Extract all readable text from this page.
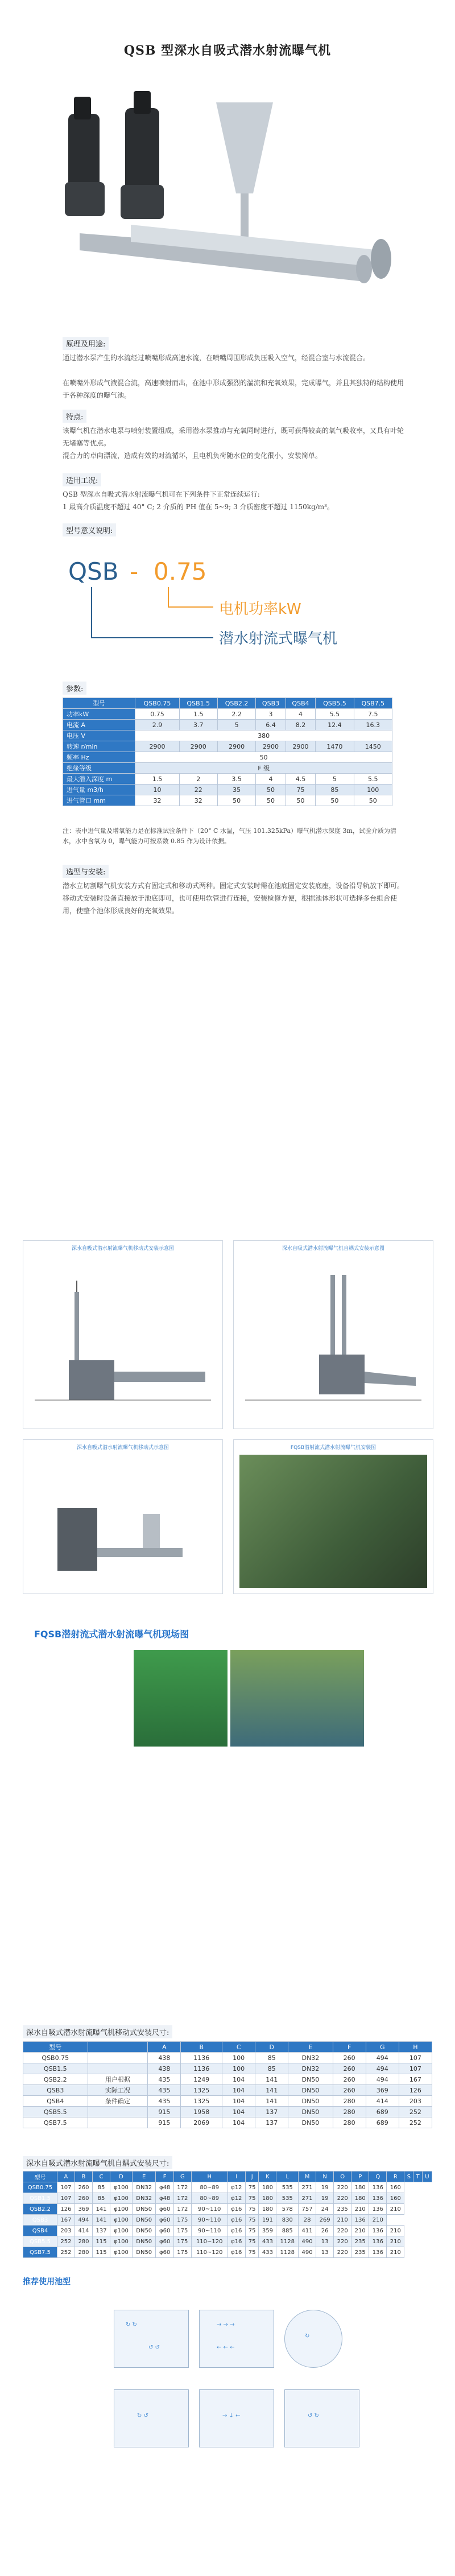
QSB 型深水自吸式潜水射流曝气机
原理及用途:
通过潜水泵产生的水流经过喷嘴形成高速水流，在喷嘴周围形成负压吸入空气，经混合室与水流混合。
在喷嘴外形成气液混合流，高速喷射而出，在池中形成强烈的湍流和充氧效果，完成曝气，并且其独特的结构使用于各种深度的曝气池。
特点:
该曝气机在潜水电泵与喷射装置组成，采用潜水泵推动与充氧同时进行，既可获得较高的氧气吸收率，又具有叶轮无堵塞等优点。
混合力的卓向漂流，造成有效的对流循环，且电机负荷随水位的变化很小，安装简单。
适用工况:
QSB 型深水自吸式潜水射流曝气机可在下列条件下正常连续运行:
1 最高介质温度不超过 40° C; 2 介质的 PH 值在 5~9; 3 介质密度不超过 1150kg/m³。
型号意义说明:
QSB - 0.75
电机功率kW
潜水射流式曝气机
参数:
型号	QSB0.75	QSB1.5	QSB2.2	QSB3	QSB4	QSB5.5	QSB7.5
功率kW	0.75	1.5	2.2	3	4	5.5	7.5
电流 A	2.9	3.7	5	6.4	8.2	12.4	16.3
电压 V	380						
转速 r/min	2900	2900	2900	2900	2900	1470	1450
频率 Hz	50						
绝缘等级	F 级						
最大潜入深度 m	1.5	2	3.5	4	4.5	5	5.5
进气量 m3/h	10	22	35	50	75	85	100
进气管口 mm	32	32	50	50	50	50	50
注：表中进气量及增氧能力是在标准试验条件下（20° C 水温，气压 101.325kPa）曝气机潜水深度 3m，试验介质为清水，水中含氧为 0，曝气能力可按系数 0.85 作为设计依据。
选型与安装:
潜水立切割曝气机安装方式有固定式和移动式两种。固定式安装时需在池底固定安装底座，设备沿导轨放下即可。移动式安装时设备直接放于池底即可，也可使用软管进行连接，安装检修方便，根据池体形状可选择多台组合使用，使整个池体形成良好的充氧效果。
深水自吸式潜水射流曝气机移动式安装示意图	深水自吸式潜水射流曝气机自耦式安装示意图
深水自吸式潜水射流曝气机移动式示意图	FQSB潜射流式潜水射流曝气机安装图
FQSB潜射流式潜水射流曝气机现场图
深水自吸式潜水射流曝气机移动式安装尺寸:
型号		A	B	C	D	E	F	G	H
QSB0.75		438	1136	100	85	DN32	260	494	107
QSB1.5		438	1136	100	85	DN32	260	494	107
QSB2.2	用户根据	435	1249	104	141	DN50	260	494	167
QSB3	实际工况	435	1325	104	141	DN50	260	369	126
QSB4	条件确定	435	1325	104	141	DN50	280	414	203
QSB5.5		915	1958	104	137	DN50	280	689	252
QSB7.5		915	2069	104	137	DN50	280	689	252
深水自吸式潜水射流曝气机自耦式安装尺寸:
型号	A	B	C	D	E	F	G	H	I	J	K	L	M	N	O	P	Q	R	S	T	U
QSB0.75	107	260	85	φ100	DN32	φ48	172	80~89	φ12	75	180	535	271	19	220	180	136	160			
QSB1.5	107	260	85	φ100	DN32	φ48	172	80~89	φ12	75	180	535	271	19	220	180	136	160			
QSB2.2	126	369	141	φ100	DN50	φ60	172	90~110	φ16	75	180	578	757	24	235	210	136	210			
QSB3	167	494	141	φ100	DN50	φ60	175	90~110	φ16	75	191	830	28	269	210	136	210				
QSB4	203	414	137	φ100	DN50	φ60	175	90~110	φ16	75	359	885	411	26	220	210	136	210			
QSB5.5	252	280	115	φ100	DN50	φ60	175	110~120	φ16	75	433	1128	490	13	220	235	136	210			
QSB7.5	252	280	115	φ100	DN50	φ60	175	110~120	φ16	75	433	1128	490	13	220	235	136	210			
推荐使用池型
↻ ↻
↺ ↺
→ → →
← ← ←
↻
↻ ↺	→ ↓ ←	↺ ↻
